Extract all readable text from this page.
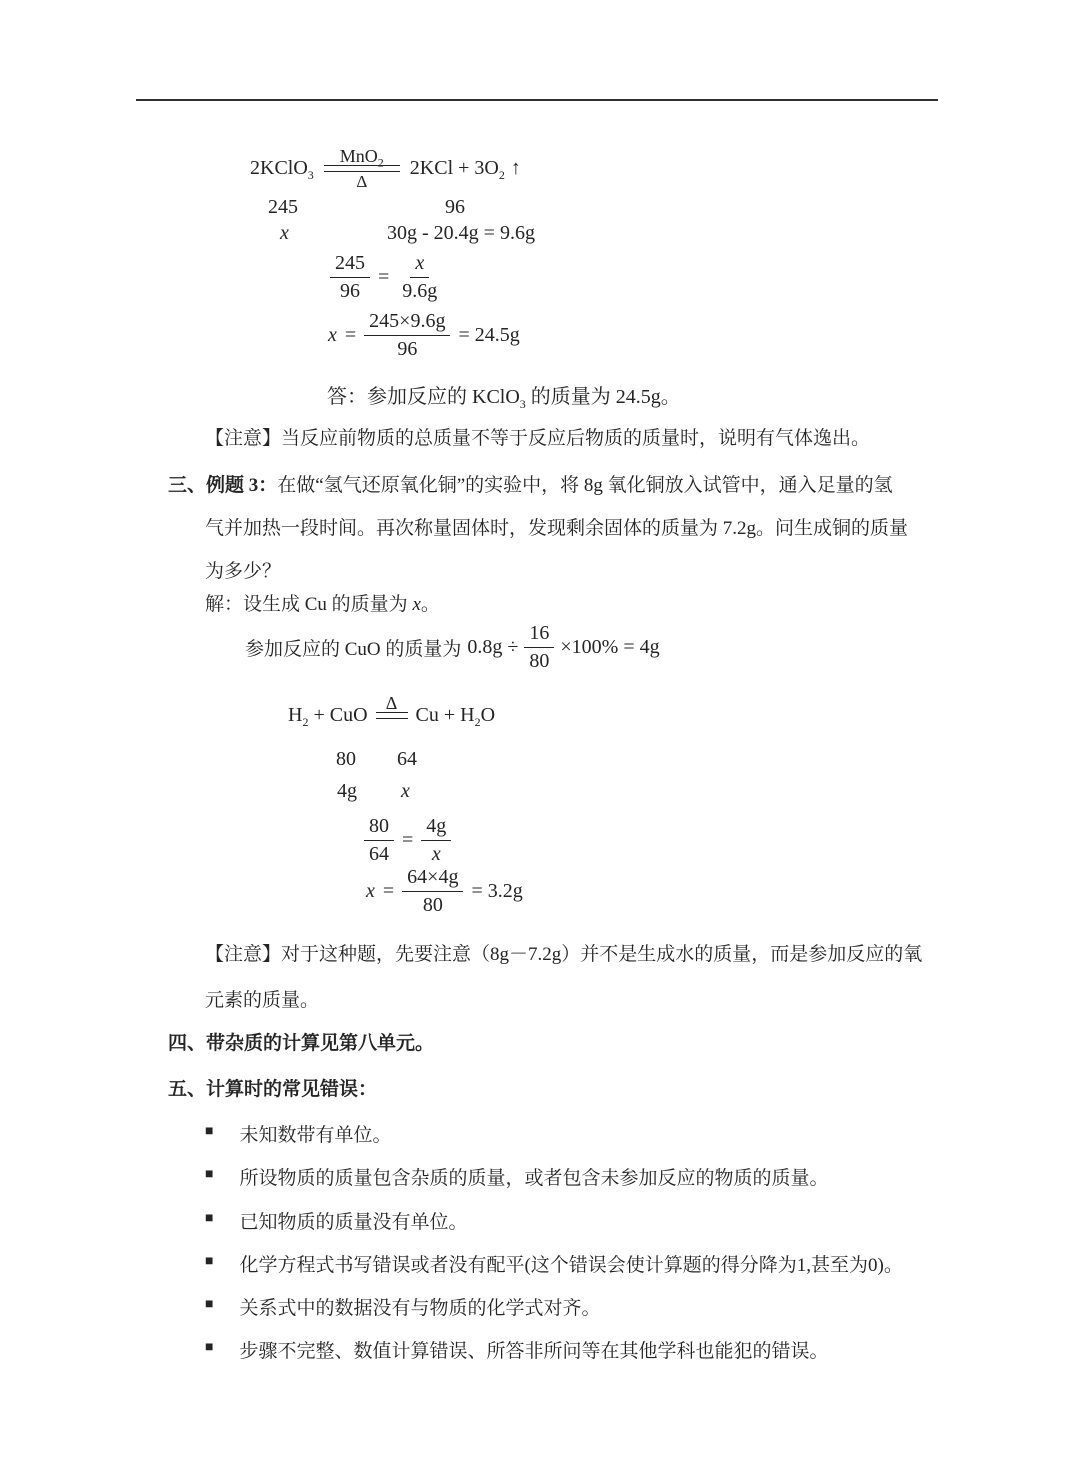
2KClO$_3$
MnO$_2$
Δ
$2KCl + 3O_2$ ↑
245	96
x	30g - 20.4g = 9.6g
$\frac{245}{96} = \frac{x}{9.6g}$
$x = \frac{245\times 9.6g}{96} = 24.5g$
答：参加反应的 KClO$_3$ 的质量为 24.5g。
【注意】当反应前物质的总质量不等于反应后物质的质量时，说明有气体逸出。
三、例题 3：在做“氢气还原氧化铜”的实验中，将 8g 氧化铜放入试管中，通入足量的氢
气并加热一段时间。再次称量固体时，发现剩余固体的质量为 7.2g。问生成铜的质量
为多少？
解：设生成 Cu 的质量为 x。
参加反应的 CuO 的质量为 $0.8g \div \frac{16}{80} \times 100\% = 4g$
$H_2$ + CuO
Δ
$Cu + H_2O$
80 64
4g x
$\frac{80}{64} = \frac{4g}{x}$
$x = \frac{64\times 4g}{80} = 3.2g$
【注意】对于这种题，先要注意（8g－7.2g）并不是生成水的质量，而是参加反应的氧
元素的质量。
四、带杂质的计算见第八单元。
五、计算时的常见错误：
■ 未知数带有单位。
■ 所设物质的质量包含杂质的质量，或者包含未参加反应的物质的质量。
■ 已知物质的质量没有单位。
■ 化学方程式书写错误或者没有配平(这个错误会使计算题的得分降为1,甚至为0)。
■ 关系式中的数据没有与物质的化学式对齐。
■ 步骤不完整、数值计算错误、所答非所问等在其他学科也能犯的错误。
